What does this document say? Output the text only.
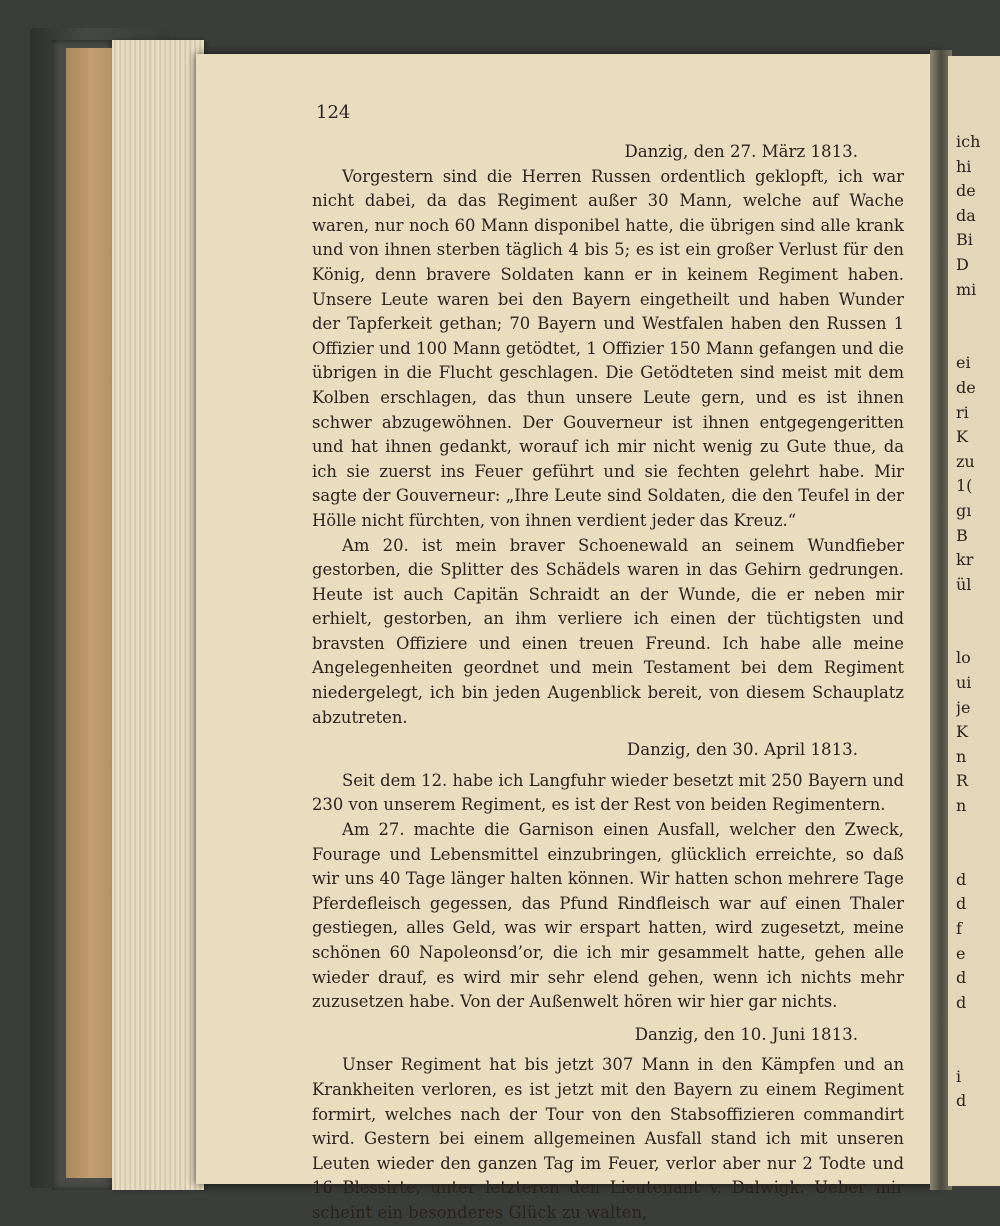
124
Danzig, den 27. März 1813.

Vorgestern sind die Herren Russen ordentlich geklopft, ich war nicht dabei, da das Regiment außer 30 Mann, welche auf Wache waren, nur noch 60 Mann disponibel hatte, die übrigen sind alle krank und von ihnen sterben täglich 4 bis 5; es ist ein großer Verlust für den König, denn bravere Soldaten kann er in keinem Regiment haben. Unsere Leute waren bei den Bayern eingetheilt und haben Wunder der Tapferkeit gethan; 70 Bayern und Westfalen haben den Russen 1 Offizier und 100 Mann getödtet, 1 Offizier 150 Mann gefangen und die übrigen in die Flucht geschlagen. Die Getödteten sind meist mit dem Kolben erschlagen, das thun unsere Leute gern, und es ist ihnen schwer abzugewöhnen. Der Gouverneur ist ihnen entgegengeritten und hat ihnen gedankt, worauf ich mir nicht wenig zu Gute thue, da ich sie zuerst ins Feuer geführt und sie fechten gelehrt habe. Mir sagte der Gouverneur: „Ihre Leute sind Soldaten, die den Teufel in der Hölle nicht fürchten, von ihnen verdient jeder das Kreuz.“

Am 20. ist mein braver Schoenewald an seinem Wundfieber gestorben, die Splitter des Schädels waren in das Gehirn gedrungen. Heute ist auch Capitän Schraidt an der Wunde, die er neben mir erhielt, gestorben, an ihm verliere ich einen der tüchtigsten und bravsten Offiziere und einen treuen Freund. Ich habe alle meine Angelegenheiten geordnet und mein Testament bei dem Regiment niedergelegt, ich bin jeden Augenblick bereit, von diesem Schauplatz abzutreten.

Danzig, den 30. April 1813.

Seit dem 12. habe ich Langfuhr wieder besetzt mit 250 Bayern und 230 von unserem Regiment, es ist der Rest von beiden Regimentern.

Am 27. machte die Garnison einen Ausfall, welcher den Zweck, Fourage und Lebensmittel einzubringen, glücklich erreichte, so daß wir uns 40 Tage länger halten können. Wir hatten schon mehrere Tage Pferdefleisch gegessen, das Pfund Rindfleisch war auf einen Thaler gestiegen, alles Geld, was wir erspart hatten, wird zugesetzt, meine schönen 60 Napoleonsd’or, die ich mir gesammelt hatte, gehen alle wieder drauf, es wird mir sehr elend gehen, wenn ich nichts mehr zuzusetzen habe. Von der Außenwelt hören wir hier gar nichts.

Danzig, den 10. Juni 1813.

Unser Regiment hat bis jetzt 307 Mann in den Kämpfen und an Krankheiten verloren, es ist jetzt mit den Bayern zu einem Regiment formirt, welches nach der Tour von den Stabsoffizieren commandirt wird. Gestern bei einem allgemeinen Ausfall stand ich mit unseren Leuten wieder den ganzen Tag im Feuer, verlor aber nur 2 Todte und 16 Blessirte, unter letzteren den Lieutenant v. Dalwigk. Ueber mir scheint ein besonderes Glück zu walten,

ich
hi
de
da
Bi
D
mi
ei
de
ri
K
zu
1(
gı
B
kr
ül
lo
ui
je
K
n
R
n
d
d
f
e
d
d
i
d
